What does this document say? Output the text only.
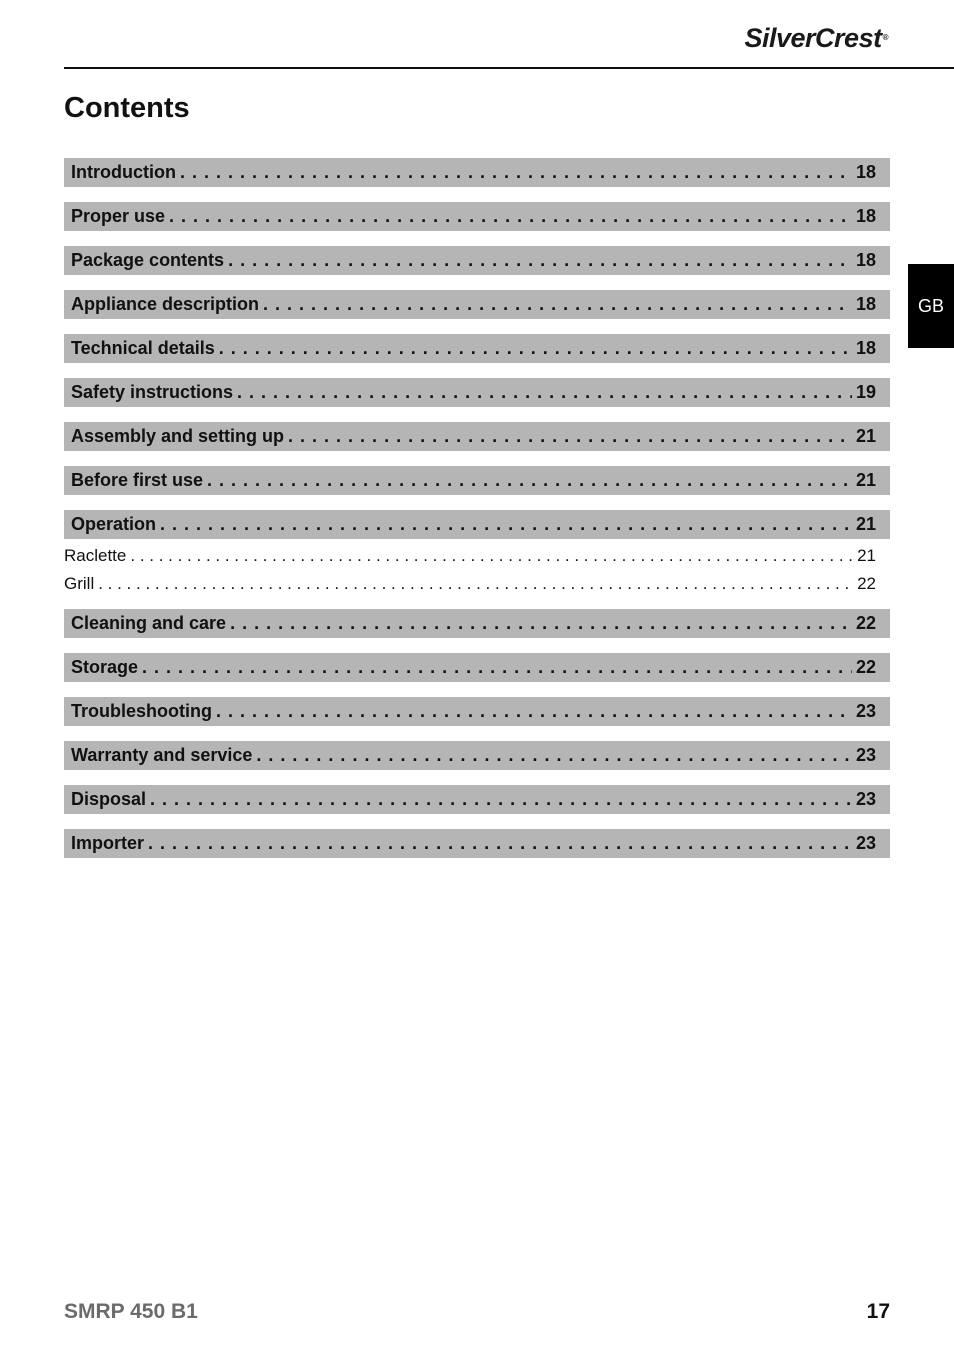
SilverCrest®
GB
Contents
Introduction . . .	18
Proper use . . .	18
Package contents . . .	18
Appliance description . . .	18
Technical details . . .	18
Safety instructions . . .	19
Assembly and setting up . . .	21
Before first use . . .	21
Operation . . .	21
Raclette . . .	21
Grill . . .	22
Cleaning and care . . .	22
Storage . . .	22
Troubleshooting . . .	23
Warranty and service . . .	23
Disposal . . .	23
Importer . . .	23
SMRP 450 B1	17
